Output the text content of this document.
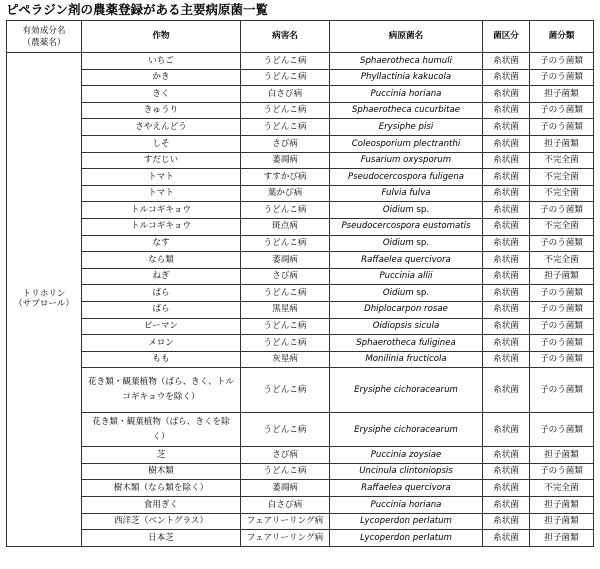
ピペラジン剤の農薬登録がある主要病原菌一覧
有効成分名
（農薬名）	作物	病害名	病原菌名	菌区分	菌分類
トリホリン
（サプロール）	いちご	うどんこ病	Sphaerotheca humuli	糸状菌	子のう菌類
	かき	うどんこ病	Phyllactinia kakucola	糸状菌	子のう菌類
	きく	白さび病	Puccinia horiana	糸状菌	担子菌類
	きゅうり	うどんこ病	Sphaerotheca cucurbitae	糸状菌	子のう菌類
	さやえんどう	うどんこ病	Erysiphe pisi	糸状菌	子のう菌類
	しそ	さび病	Coleosporium plectranthi	糸状菌	担子菌類
	すだじい	萎凋病	Fusarium oxysporum	糸状菌	不完全菌
	トマト	すすかび病	Pseudocercospora fuligena	糸状菌	不完全菌
	トマト	葉かび病	Fulvia fulva	糸状菌	不完全菌
	トルコギキョウ	うどんこ病	Oidium sp.	糸状菌	子のう菌類
	トルコギキョウ	斑点病	Pseudocercospora eustomatis	糸状菌	不完全菌
	なす	うどんこ病	Oidium sp.	糸状菌	子のう菌類
	なら類	萎凋病	Raffaelea quercivora	糸状菌	不完全菌
	ねぎ	さび病	Puccinia allii	糸状菌	担子菌類
	ばら	うどんこ病	Oidium sp.	糸状菌	子のう菌類
	ばら	黒星病	Dhiplocarpon rosae	糸状菌	子のう菌類
	ピーマン	うどんこ病	Oidiopsis sicula	糸状菌	子のう菌類
	メロン	うどんこ病	Sphaerotheca fuliginea	糸状菌	子のう菌類
	もも	灰星病	Monilinia fructicola	糸状菌	子のう菌類
	花き類・観葉植物（ばら、きく、トルコギキョウを除く）	うどんこ病	Erysiphe cichoracearum	糸状菌	子のう菌類
	花き類・観葉植物（ばら、きくを除く）	うどんこ病	Erysiphe cichoracearum	糸状菌	子のう菌類
	芝	さび病	Puccinia zoysiae	糸状菌	担子菌類
	樹木類	うどんこ病	Uncinula clintoniopsis	糸状菌	子のう菌類
	樹木類（なら類を除く）	萎凋病	Raffaelea quercivora	糸状菌	不完全菌
	食用ぎく	白さび病	Puccinia horiana	糸状菌	担子菌類
	西洋芝（ベントグラス）	フェアリーリング病	Lycoperdon perlatum	糸状菌	担子菌類
	日本芝	フェアリーリング病	Lycoperdon perlatum	糸状菌	担子菌類
